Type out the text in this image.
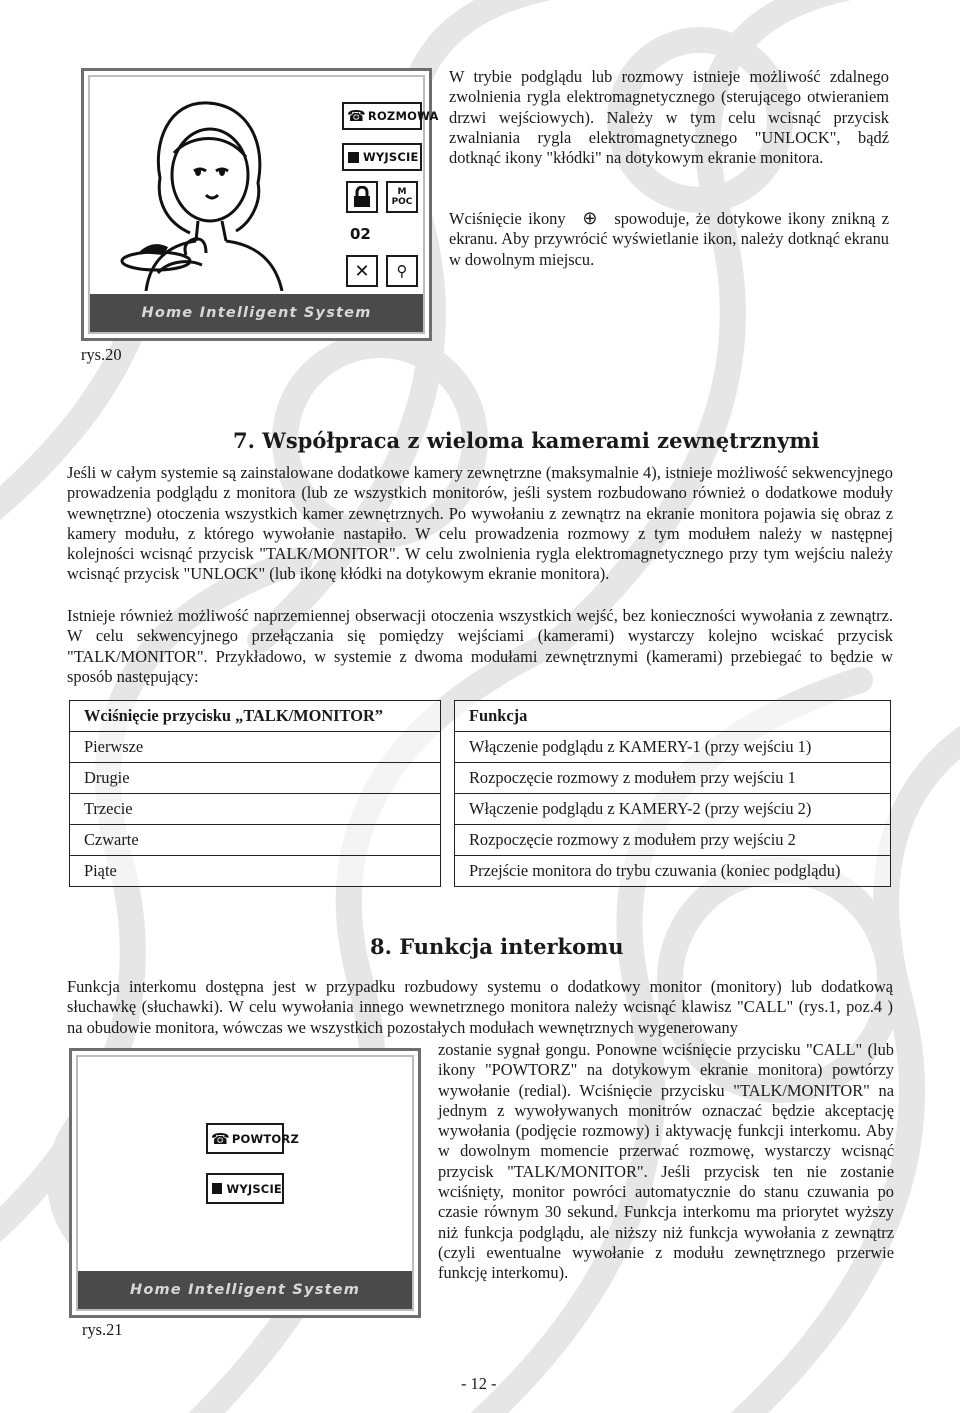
☎ ROZMOWA
WYJSCIE
M
POC
02
✕ ⚲
Home Intelligent System
rys.20

W trybie podglądu lub rozmowy istnieje możliwość zdalnego zwolnienia rygla elektromagnetycznego (sterującego otwieraniem drzwi wejściowych). Należy w tym celu wcisnąć przycisk zwalniania rygla elektromagnetycznego "UNLOCK", bądź dotknąć ikony "kłódki" na dotykowym ekranie monitora.

Wciśnięcie ikony ⊕ spowoduje, że dotykowe ikony znikną z ekranu. Aby przywrócić wyświetlanie ikon, należy dotknąć ekranu w dowolnym miejscu.
7. Współpraca z wieloma kamerami zewnętrznymi

Jeśli w całym systemie są zainstalowane dodatkowe kamery zewnętrzne (maksymalnie 4), istnieje możliwość sekwencyjnego prowadzenia podglądu z monitora (lub ze wszystkich monitorów, jeśli system rozbudowano również o dodatkowe moduły wewnętrzne) otoczenia wszystkich kamer zewnętrznych. Po wywołaniu z zewnątrz na ekranie monitora pojawia się obraz z kamery modułu, z którego wywołanie nastapiło. W celu prowadzenia rozmowy z tym modułem należy w następnej kolejności wcisnąć przycisk "TALK/MONITOR". W celu zwolnienia rygla elektromagnetycznego przy tym wejściu należy wcisnąć przycisk "UNLOCK" (lub ikonę kłódki na dotykowym ekranie monitora).

Istnieje również możliwość naprzemiennej obserwacji otoczenia wszystkich wejść, bez konieczności wywołania z zewnątrz. W celu sekwencyjnego przełączania się pomiędzy wejściami (kamerami) wystarczy kolejno wciskać przycisk "TALK/MONITOR". Przykładowo, w systemie z dwoma modułami zewnętrznymi (kamerami) przebiegać to będzie w sposób następujący:

Wciśnięcie przycisku „TALK/MONITOR”		Funkcja
Pierwsze		Włączenie podglądu z KAMERY-1 (przy wejściu 1)
Drugie		Rozpoczęcie rozmowy z modułem przy wejściu 1
Trzecie		Włączenie podglądu z KAMERY-2 (przy wejściu 2)
Czwarte		Rozpoczęcie rozmowy z modułem przy wejściu 2
Piąte		Przejście monitora do trybu czuwania (koniec podglądu)
8. Funkcja interkomu

Funkcja interkomu dostępna jest w przypadku rozbudowy systemu o dodatkowy monitor (monitory) lub dodatkową słuchawkę (słuchawki). W celu wywołania innego wewnetrznego monitora należy wcisnąć klawisz "CALL" (rys.1, poz.4 ) na obudowie monitora, wówczas we wszystkich pozostałych modułach wewnętrznych wygenerowany

zostanie sygnał gongu. Ponowne wciśnięcie przycisku "CALL" (lub ikony "POWTORZ" na dotykowym ekranie monitora) powtórzy wywołanie (redial). Wciśnięcie przycisku "TALK/MONITOR" na jednym z wywoływanych monitrów oznaczać będzie akceptację wywołania (podjęcie rozmowy) i aktywację funkcji interkomu. Aby w dowolnym momencie przerwać rozmowę, wystarczy wcisnąć przycisk "TALK/MONITOR". Jeśli przycisk ten nie zostanie wciśnięty, monitor powróci automatycznie do stanu czuwania po czasie równym 30 sekund. Funkcja interkomu ma priorytet wyższy niż funkcja podglądu, ale niższy niż funkcja wywołania z zewnątrz (czyli ewentualne wywołanie z modułu zewnętrznego przerwie funkcję interkomu).

☎ POWTORZ
WYJSCIE
Home Intelligent System
rys.21
- 12 -
